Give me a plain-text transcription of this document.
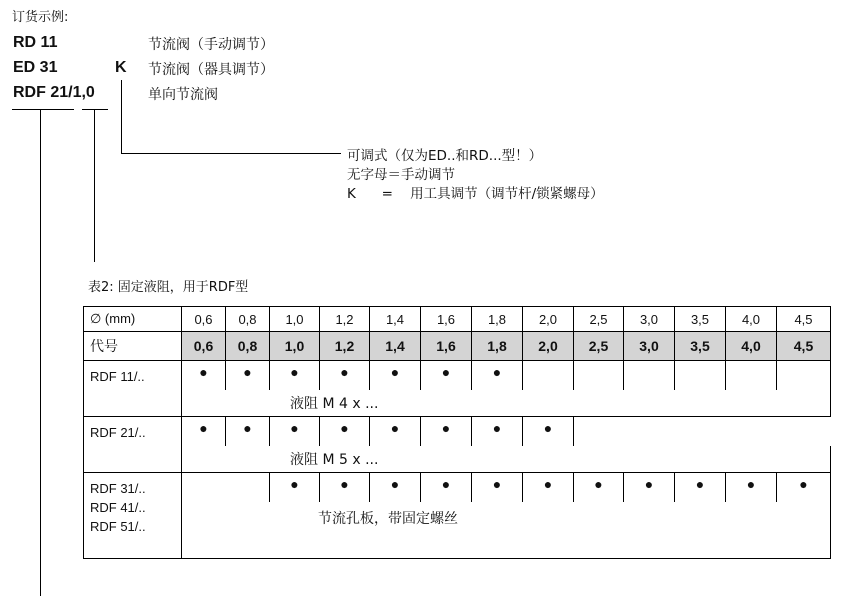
订货示例:
RD 11	节流阀（手动调节）
ED 31	K 节流阀（器具调节）
RDF 21/1,0	单向节流阀
可调式（仅为ED..和RD...型！）
无字母＝手动调节
K      =    用工具调节（调节杆/锁紧螺母）
表2: 固定液阻，用于RDF型
∅ (mm)	0,6	0,8	1,0	1,2	1,4	1,6	1,8	2,0	2,5	3,0	3,5	4,0	4,5
代号	0,6	0,8	1,0	1,2	1,4	1,6	1,8	2,0	2,5	3,0	3,5	4,0	4,5
RDF 11/..	●	●	●	●	●	●	●						
	液阻 M 4 x ...												
RDF 21/..	●	●	●	●	●	●	●	●					
	液阻 M 5 x ...												

RDF 31/..
RDF 41/..
RDF 51/..			●	●	●	●	●	●	●	●	●	●	●
	节流孔板，带固定螺丝												
